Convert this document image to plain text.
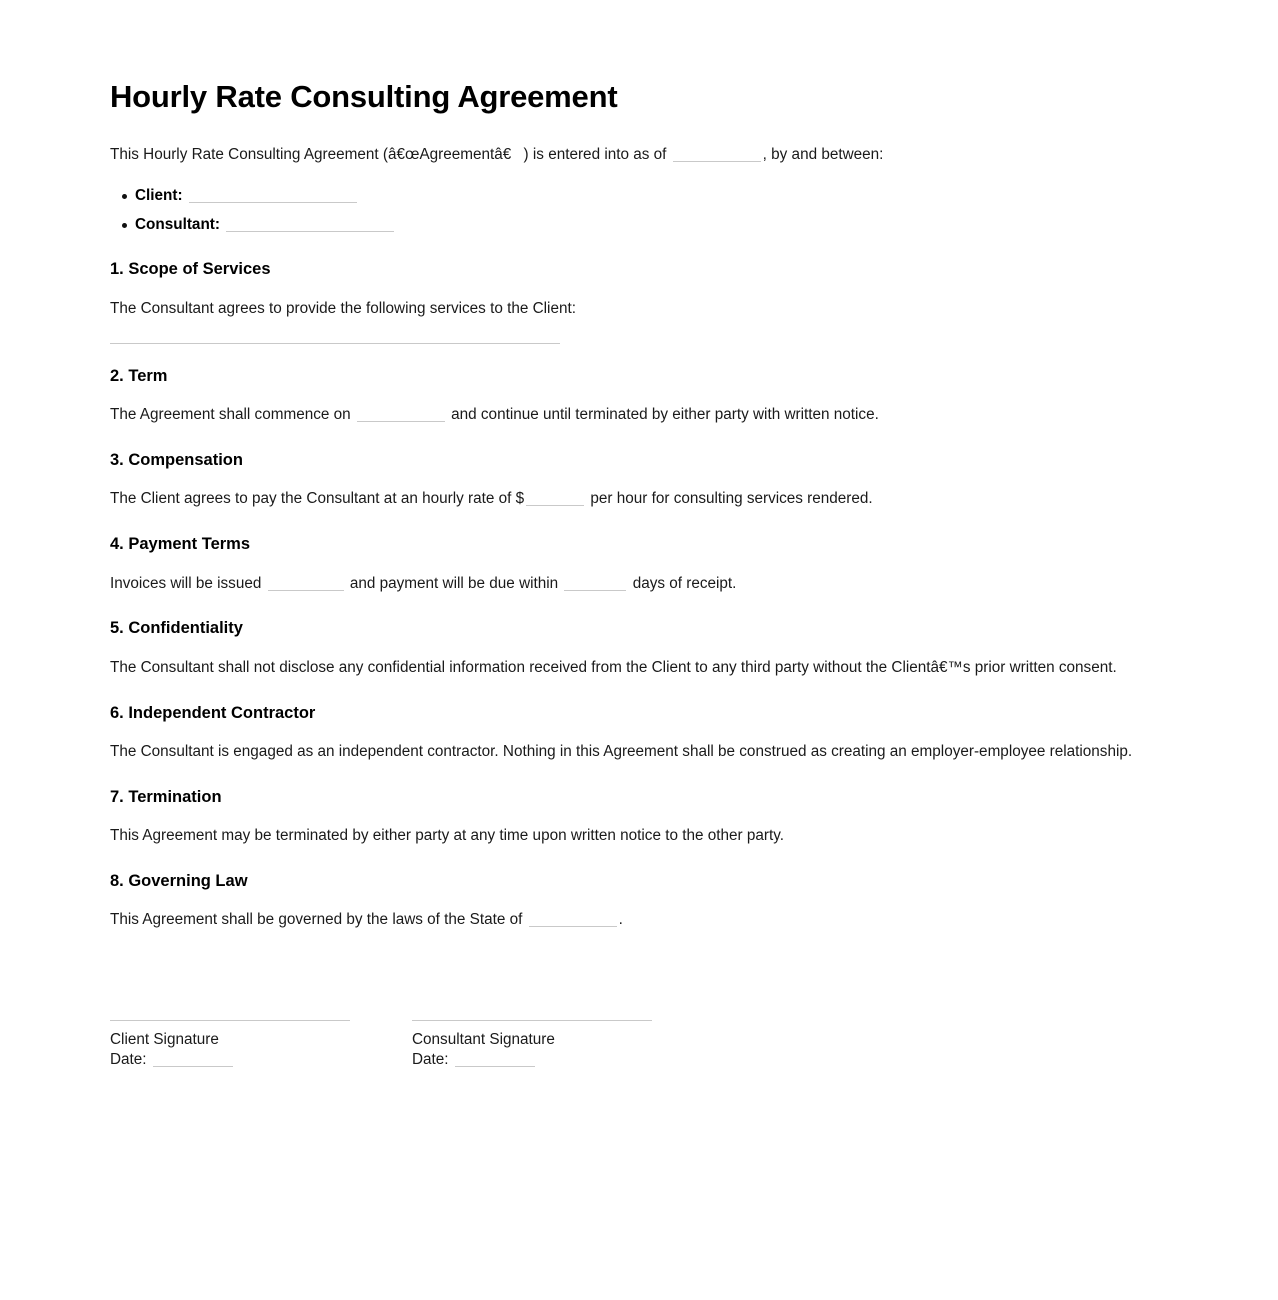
Hourly Rate Consulting Agreement

This Hourly Rate Consulting Agreement (â€œAgreementâ€) is entered into as of	, by and between:

Client:
Consultant:
1. Scope of Services

The Consultant agrees to provide the following services to the Client:

2. Term

The Agreement shall commence on	and continue until terminated by either party with written notice.

3. Compensation

The Client agrees to pay the Consultant at an hourly rate of $	per hour for consulting services rendered.

4. Payment Terms

Invoices will be issued	and payment will be due within	days of receipt.

5. Confidentiality

The Consultant shall not disclose any confidential information received from the Client to any third party without the Clientâ€™s prior written consent.

6. Independent Contractor

The Consultant is engaged as an independent contractor. Nothing in this Agreement shall be construed as creating an employer-employee relationship.

7. Termination

This Agreement may be terminated by either party at any time upon written notice to the other party.

8. Governing Law

This Agreement shall be governed by the laws of the State of	.

Client Signature
Date:
Consultant Signature
Date:
